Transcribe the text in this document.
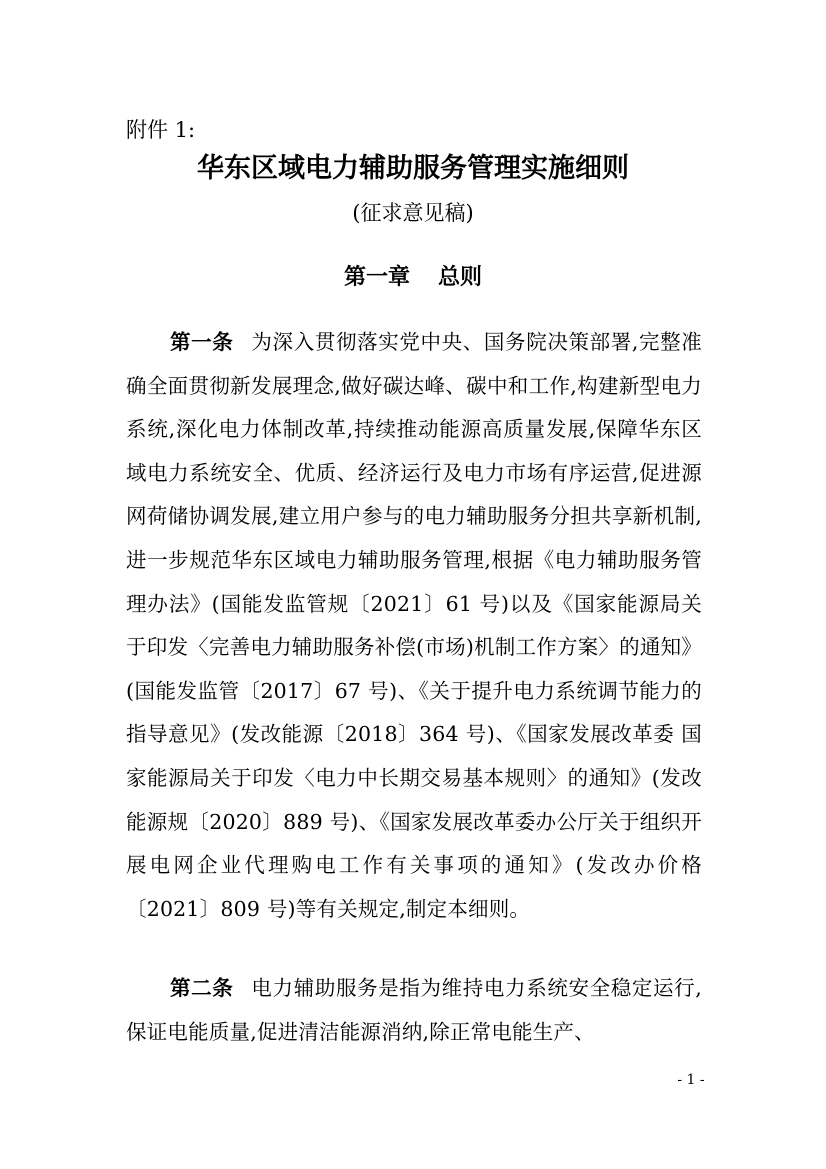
附件 1:
华东区域电力辅助服务管理实施细则
(征求意见稿)
第一章 总则
第一条 为深入贯彻落实党中央、国务院决策部署,完整准确全面贯彻新发展理念,做好碳达峰、碳中和工作,构建新型电力系统,深化电力体制改革,持续推动能源高质量发展,保障华东区域电力系统安全、优质、经济运行及电力市场有序运营,促进源网荷储协调发展,建立用户参与的电力辅助服务分担共享新机制,进一步规范华东区域电力辅助服务管理,根据《电力辅助服务管理办法》(国能发监管规〔2021〕61 号)以及《国家能源局关于印发〈完善电力辅助服务补偿(市场)机制工作方案〉的通知》(国能发监管〔2017〕67 号)、《关于提升电力系统调节能力的指导意见》(发改能源〔2018〕364 号)、《国家发展改革委 国家能源局关于印发〈电力中长期交易基本规则〉的通知》(发改能源规〔2020〕889 号)、《国家发展改革委办公厅关于组织开展电网企业代理购电工作有关事项的通知》(发改办价格〔2021〕809 号)等有关规定,制定本细则。
第二条 电力辅助服务是指为维持电力系统安全稳定运行,保证电能质量,促进清洁能源消纳,除正常电能生产、
- 1 -
